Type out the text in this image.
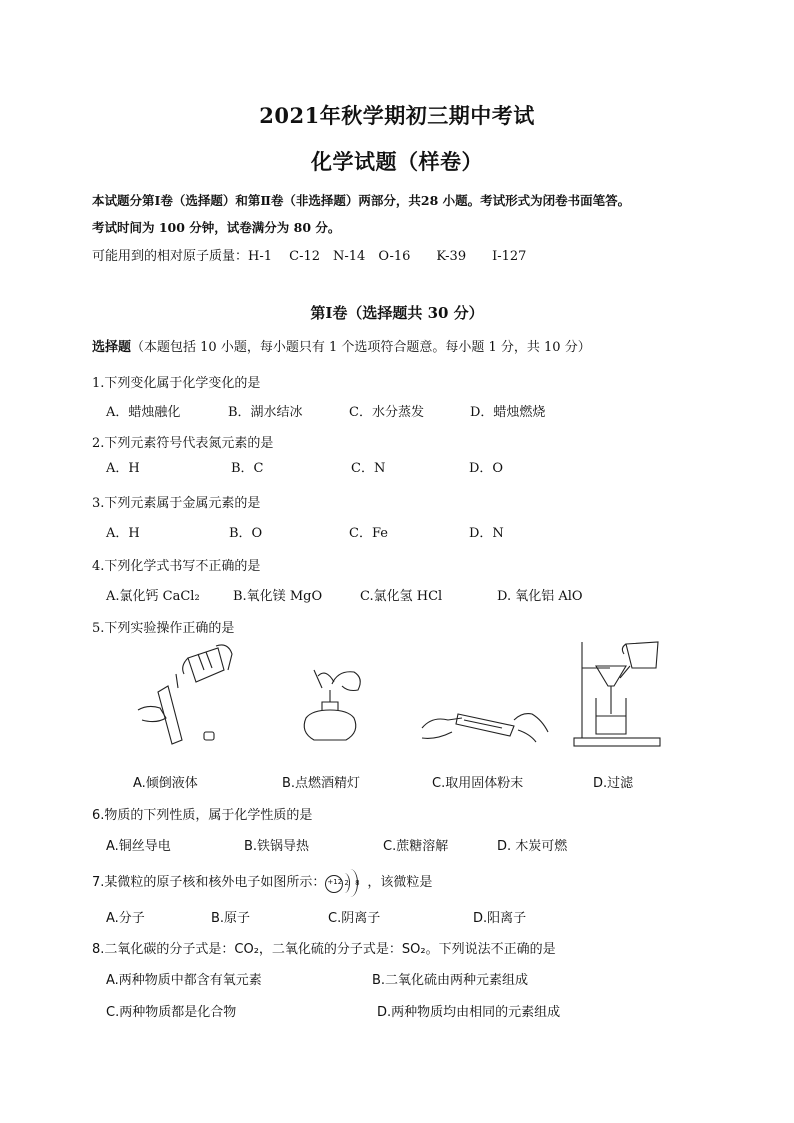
2021年秋学期初三期中考试
化学试题（样卷）
本试题分第Ⅰ卷（选择题）和第Ⅱ卷（非选择题）两部分，共28 小题。考试形式为闭卷书面笔答。
考试时间为 100 分钟，试卷满分为 80 分。
可能用到的相对原子质量：H-1　 C-12　N-14　O-16　　K-39　　I-127
第Ⅰ卷（选择题共 30 分）
选择题（本题包括 10 小题，每小题只有 1 个选项符合题意。每小题 1 分，共 10 分）
1.下列变化属于化学变化的是
A．蜡烛融化	B．湖水结冰	C．水分蒸发	D．蜡烛燃烧
2.下列元素符号代表氮元素的是
A．H	B．C	C．N	D．O
3.下列元素属于金属元素的是
A．H	B．O	C．Fe	D．N
4.下列化学式书写不正确的是
A.氯化钙 CaCl₂	B.氧化镁 MgO	C.氯化氢 HCl	D. 氧化铝 AlO
5.下列实验操作正确的是
A.倾倒液体	B.点燃酒精灯	C.取用固体粉末	D.过滤
6.物质的下列性质，属于化学性质的是
A.铜丝导电	B.铁锅导热	C.蔗糖溶解	D. 木炭可燃
7.某微粒的原子核和核外电子如图所示： +12 2 8 ，该微粒是
A.分子	B.原子	C.阴离子	D.阳离子
8.二氧化碳的分子式是：CO₂，二氧化硫的分子式是：SO₂。下列说法不正确的是
A.两种物质中都含有氧元素	B.二氧化硫由两种元素组成
C.两种物质都是化合物	D.两种物质均由相同的元素组成
